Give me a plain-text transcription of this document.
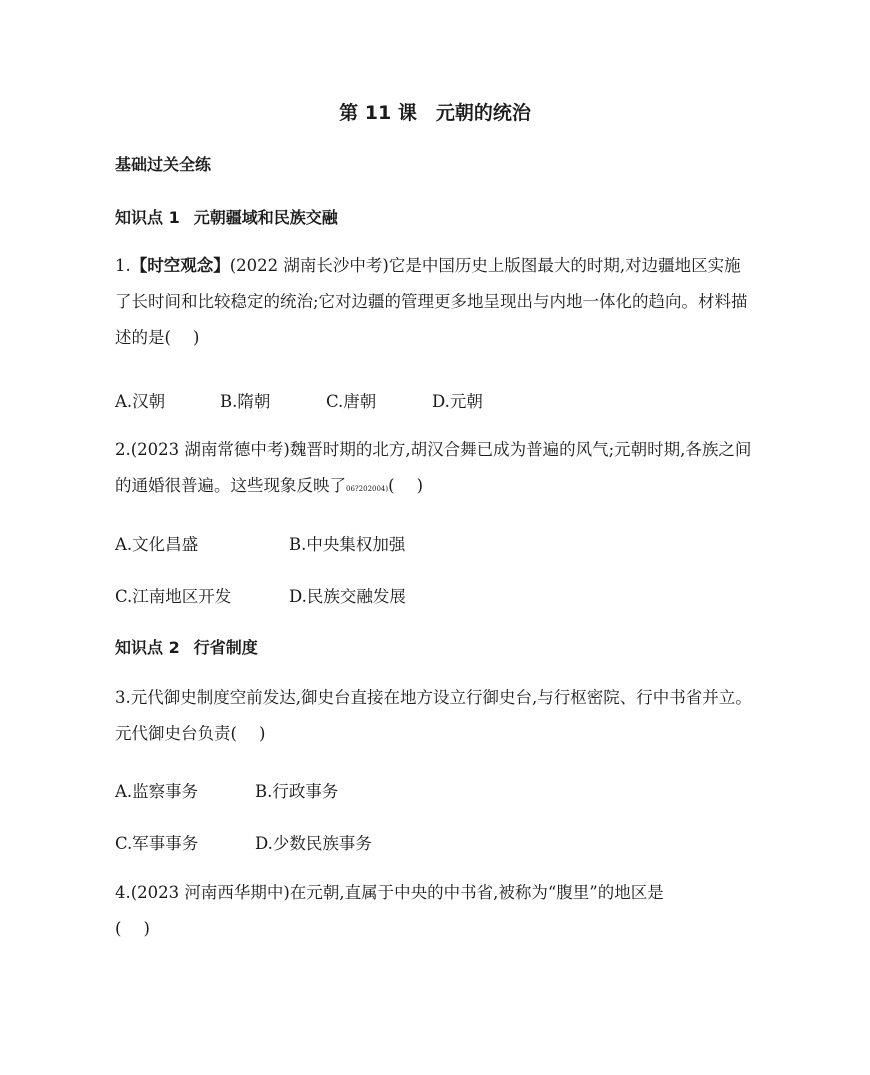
第 11 课　元朝的统治
基础过关全练
知识点 1 元朝疆域和民族交融
1.【时空观念】(2022 湖南长沙中考)它是中国历史上版图最大的时期,对边疆地区实施了长时间和比较稳定的统治;它对边疆的管理更多地呈现出与内地一体化的趋向。材料描述的是( )
A.汉朝	B.隋朝	C.唐朝	D.元朝
2.(2023 湖南常德中考)魏晋时期的北方,胡汉合舞已成为普遍的风气;元朝时期,各族之间的通婚很普遍。这些现象反映了06?202004)( )
A.文化昌盛	B.中央集权加强
C.江南地区开发	D.民族交融发展
知识点 2 行省制度
3.元代御史制度空前发达,御史台直接在地方设立行御史台,与行枢密院、行中书省并立。元代御史台负责( )
A.监察事务	B.行政事务
C.军事事务	D.少数民族事务
4.(2023 河南西华期中)在元朝,直属于中央的中书省,被称为“腹里”的地区是
( )
